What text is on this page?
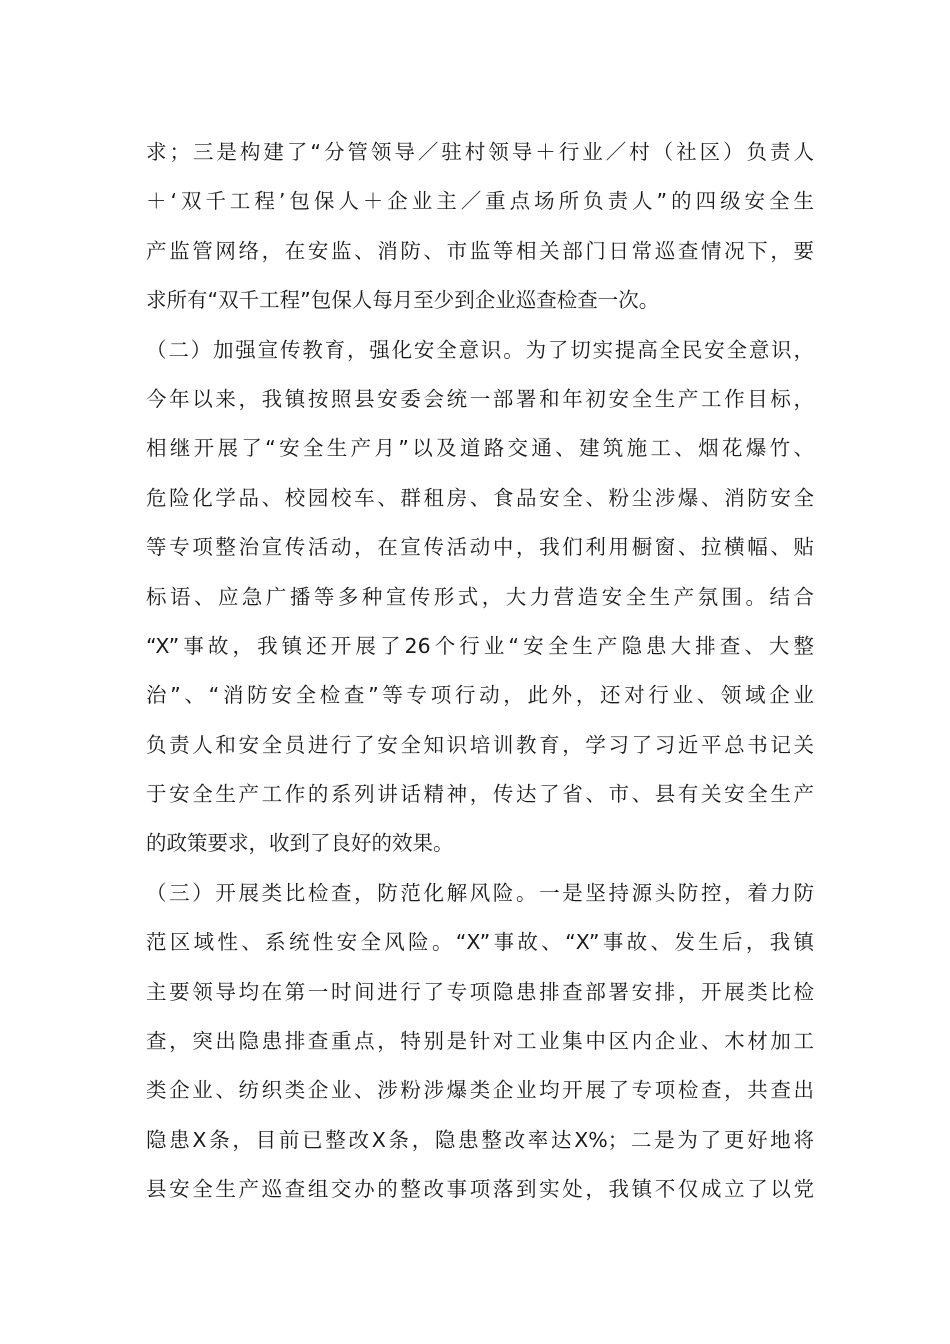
求；三是构建了“分管领导／驻村领导＋行业／村（社区）负责人
＋‘双千工程’包保人＋企业主／重点场所负责人”的四级安全生
产监管网络，在安监、消防、市监等相关部门日常巡查情况下，要
求所有“双千工程”包保人每月至少到企业巡查检查一次。
（二）加强宣传教育，强化安全意识。为了切实提高全民安全意识，
今年以来，我镇按照县安委会统一部署和年初安全生产工作目标，
相继开展了“安全生产月”以及道路交通、建筑施工、烟花爆竹、
危险化学品、校园校车、群租房、食品安全、粉尘涉爆、消防安全
等专项整治宣传活动，在宣传活动中，我们利用橱窗、拉横幅、贴
标语、应急广播等多种宣传形式，大力营造安全生产氛围。结合
“X”事故，我镇还开展了26个行业“安全生产隐患大排查、大整
治”、“消防安全检查”等专项行动，此外，还对行业、领域企业
负责人和安全员进行了安全知识培训教育，学习了习近平总书记关
于安全生产工作的系列讲话精神，传达了省、市、县有关安全生产
的政策要求，收到了良好的效果。
（三）开展类比检查，防范化解风险。一是坚持源头防控，着力防
范区域性、系统性安全风险。“X”事故、“X”事故、发生后，我镇
主要领导均在第一时间进行了专项隐患排查部署安排，开展类比检
查，突出隐患排查重点，特别是针对工业集中区内企业、木材加工
类企业、纺织类企业、涉粉涉爆类企业均开展了专项检查，共查出
隐患X条，目前已整改X条，隐患整改率达X%；二是为了更好地将
县安全生产巡查组交办的整改事项落到实处，我镇不仅成立了以党
